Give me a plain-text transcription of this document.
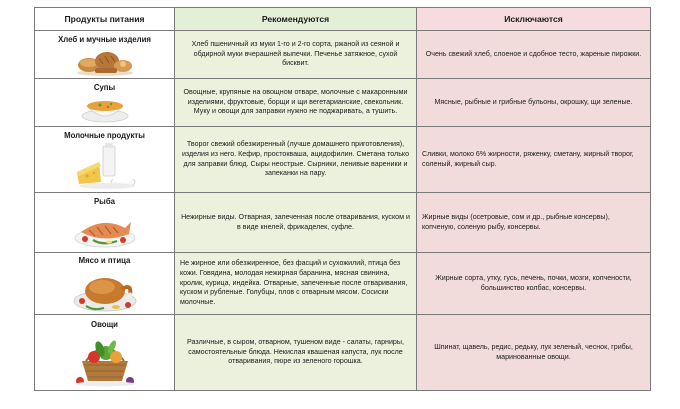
Продукты питания	Рекомендуются	Исключаются

Хлеб и мучные изделия	Хлеб пшеничный из муки 1-го и 2-го сорта, ржаной из сеяной и обдирной муки вчерашней выпечки. Печенье затяжное, сухой бисквит.	Очень свежий хлеб, слоеное и сдобное тесто, жареные пирожки.

Супы	Овощные, крупяные на овощном отваре, молочные с макаронными изделиями, фруктовые, борщи и щи вегетарианские, свекольник. Муку и овощи для заправки нужно не поджаривать, а тушить.	Мясные, рыбные и грибные бульоны, окрошку, щи зеленые.

Молочные продукты	Творог свежий обезжиренный (лучше домашнего приготовления), изделия из него. Кефир, простокваша, ацидофилин. Сметана только для заправки блюд. Сыры неострые. Сырники, ленивые вареники и запеканки на пару.	Сливки, молоко 6% жирности, ряженку, сметану, жирный творог, соленый, жирный сыр.

Рыба	Нежирные виды. Отварная, запеченная после отваривания, куском и в виде кнелей, фрикаделек, суфле.	Жирные виды (осетровые, сом и др., рыбные консервы), копченую, соленую рыбу, консервы.

Мясо и птица	Не жирное или обезжиренное, без фасций и сухожилий, птица без кожи. Говядина, молодая нежирная баранина, мясная свинина, кролик, курица, индейка. Отварные, запеченные после отваривания, куском и рубленые. Голубцы, плов с отварным мясом. Сосиски молочные.	Жирные сорта, утку, гусь, печень, почки, мозги, копчености, большинство колбас, консервы.

Овощи	Различные, в сыром, отварном, тушеном виде - салаты, гарниры, самостоятельные блюда. Некислая квашеная капуста, лук после отваривания, пюре из зеленого горошка.	Шпинат, щавель, редис, редьку, лук зеленый, чеснок, грибы, маринованные овощи.
